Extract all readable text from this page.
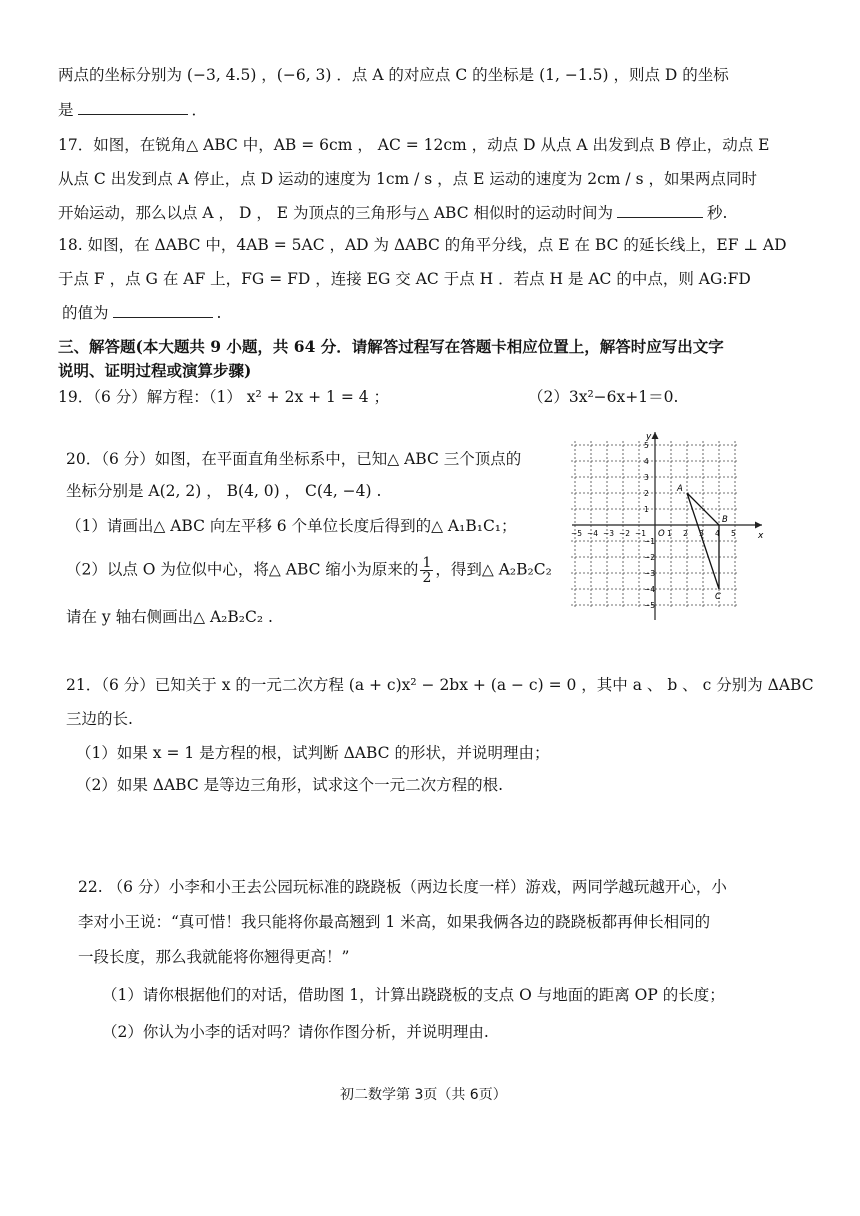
两点的坐标分别为 (−3, 4.5) ，(−6, 3) ．点 A 的对应点 C 的坐标是 (1, −1.5) ，则点 D 的坐标
是	．
17．如图，在锐角△ ABC 中，AB = 6cm ， AC = 12cm ，动点 D 从点 A 出发到点 B 停止，动点 E
从点 C 出发到点 A 停止，点 D 运动的速度为 1cm / s ，点 E 运动的速度为 2cm / s ，如果两点同时
开始运动，那么以点 A ， D ， E 为顶点的三角形与△ ABC 相似时的运动时间为	秒.
18. 如图，在 ΔABC 中，4AB = 5AC ，AD 为 ΔABC 的角平分线，点 E 在 BC 的延长线上，EF ⊥ AD
于点 F ，点 G 在 AF 上，FG = FD ，连接 EG 交 AC 于点 H ．若点 H 是 AC 的中点，则 AG:FD
的值为	.
三、解答题(本大题共 9 小题，共 64 分．请解答过程写在答题卡相应位置上，解答时应写出文字
说明、证明过程或演算步骤)
19．（6 分）解方程：（1） x² + 2x + 1 = 4 ；	（2）3x²−6x+1＝0.
20．（6 分）如图，在平面直角坐标系中，已知△ ABC 三个顶点的
坐标分别是 A(2, 2) ， B(4, 0) ， C(4, −4) .
（1）请画出△ ABC 向左平移 6 个单位长度后得到的△ A₁B₁C₁；
（2）以点 O 为位似中心，将△ ABC 缩小为原来的 $\frac{1}{2}$ ，得到△ A₂B₂C₂
请在 y 轴右侧画出△ A₂B₂C₂ .
x
y
O
−5 −4 −3 −2 −1	1 2 3 4 5
5
4
3
2
1
−1
−2
−3
−4
−5
A
B
C
21．（6 分）已知关于 x 的一元二次方程 (a + c)x² − 2bx + (a − c) = 0 ，其中 a 、 b 、 c 分别为 ΔABC
三边的长.
（1）如果 x = 1 是方程的根，试判断 ΔABC 的形状，并说明理由；
（2）如果 ΔABC 是等边三角形，试求这个一元二次方程的根.
22. （6 分）小李和小王去公园玩标准的跷跷板（两边长度一样）游戏，两同学越玩越开心，小
李对小王说：“真可惜！我只能将你最高翘到 1 米高，如果我俩各边的跷跷板都再伸长相同的
一段长度，那么我就能将你翘得更高！”
（1）请你根据他们的对话，借助图 1，计算出跷跷板的支点 O 与地面的距离 OP 的长度；
（2）你认为小李的话对吗？请你作图分析，并说明理由.
初二数学第 3页（共 6页）
